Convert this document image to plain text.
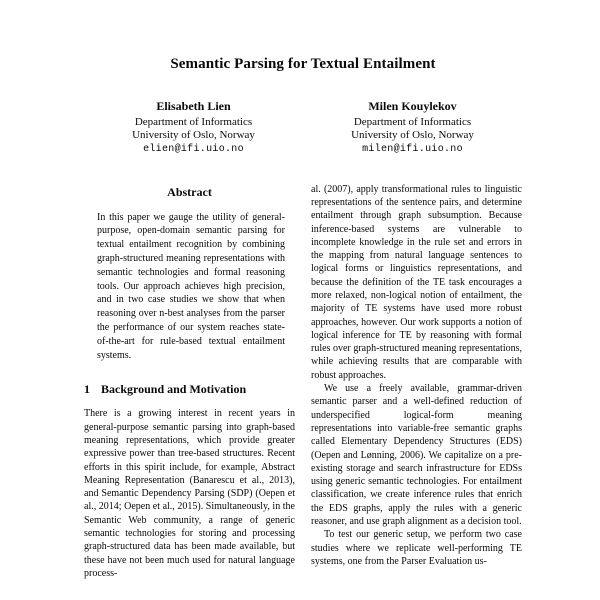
Semantic Parsing for Textual Entailment
Elisabeth Lien
Department of Informatics
University of Oslo, Norway
elien@ifi.uio.no
Milen Kouylekov
Department of Informatics
University of Oslo, Norway
milen@ifi.uio.no
Abstract
In this paper we gauge the utility of general-purpose, open-domain semantic parsing for textual entailment recognition by combining graph-structured meaning representations with semantic technologies and formal reasoning tools. Our approach achieves high precision, and in two case studies we show that when reasoning over n-best analyses from the parser the performance of our system reaches state-of-the-art for rule-based textual entailment systems.
1 Background and Motivation

There is a growing interest in recent years in general-purpose semantic parsing into graph-based meaning representations, which provide greater expressive power than tree-based structures. Recent efforts in this spirit include, for example, Abstract Meaning Representation (Banarescu et al., 2013), and Semantic Dependency Parsing (SDP) (Oepen et al., 2014; Oepen et al., 2015). Simultaneously, in the Semantic Web community, a range of generic semantic technologies for storing and processing graph-structured data has been made available, but these have not been much used for natural language process-

al. (2007), apply transformational rules to linguistic representations of the sentence pairs, and determine entailment through graph subsumption. Because inference-based systems are vulnerable to incomplete knowledge in the rule set and errors in the mapping from natural language sentences to logical forms or linguistics representations, and because the definition of the TE task encourages a more relaxed, non-logical notion of entailment, the majority of TE systems have used more robust approaches, however. Our work supports a notion of logical inference for TE by reasoning with formal rules over graph-structured meaning representations, while achieving results that are comparable with robust approaches.

We use a freely available, grammar-driven semantic parser and a well-defined reduction of underspecified logical-form meaning representations into variable-free semantic graphs called Elementary Dependency Structures (EDS) (Oepen and Lønning, 2006). We capitalize on a pre-existing storage and search infrastructure for EDSs using generic semantic technologies. For entailment classification, we create inference rules that enrich the EDS graphs, apply the rules with a generic reasoner, and use graph alignment as a decision tool.

To test our generic setup, we perform two case studies where we replicate well-performing TE systems, one from the Parser Evaluation us-
